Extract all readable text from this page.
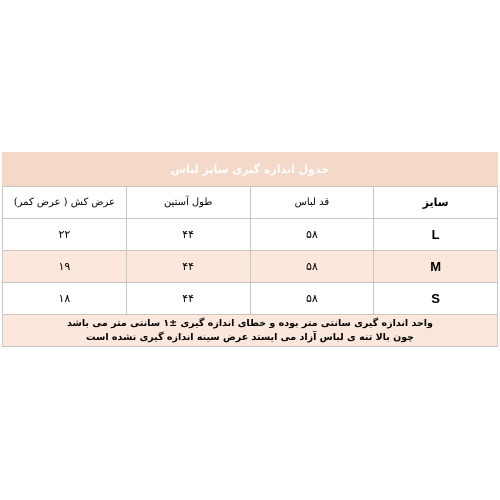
جدول اندازه گیری سایز لباس			
سایز	قد لباس	طول آستین	عرض کش ( عرض کمر)
L	۵۸	۴۴	۲۲
M	۵۸	۴۴	۱۹
S	۵۸	۴۴	۱۸

واحد اندازه گیری سانتی متر بوده و خطای اندازه گیری ±۱ سانتی متر می باشد
چون بالا تنه ی لباس آزاد می ایستد عرض سینه اندازه گیری نشده است			
